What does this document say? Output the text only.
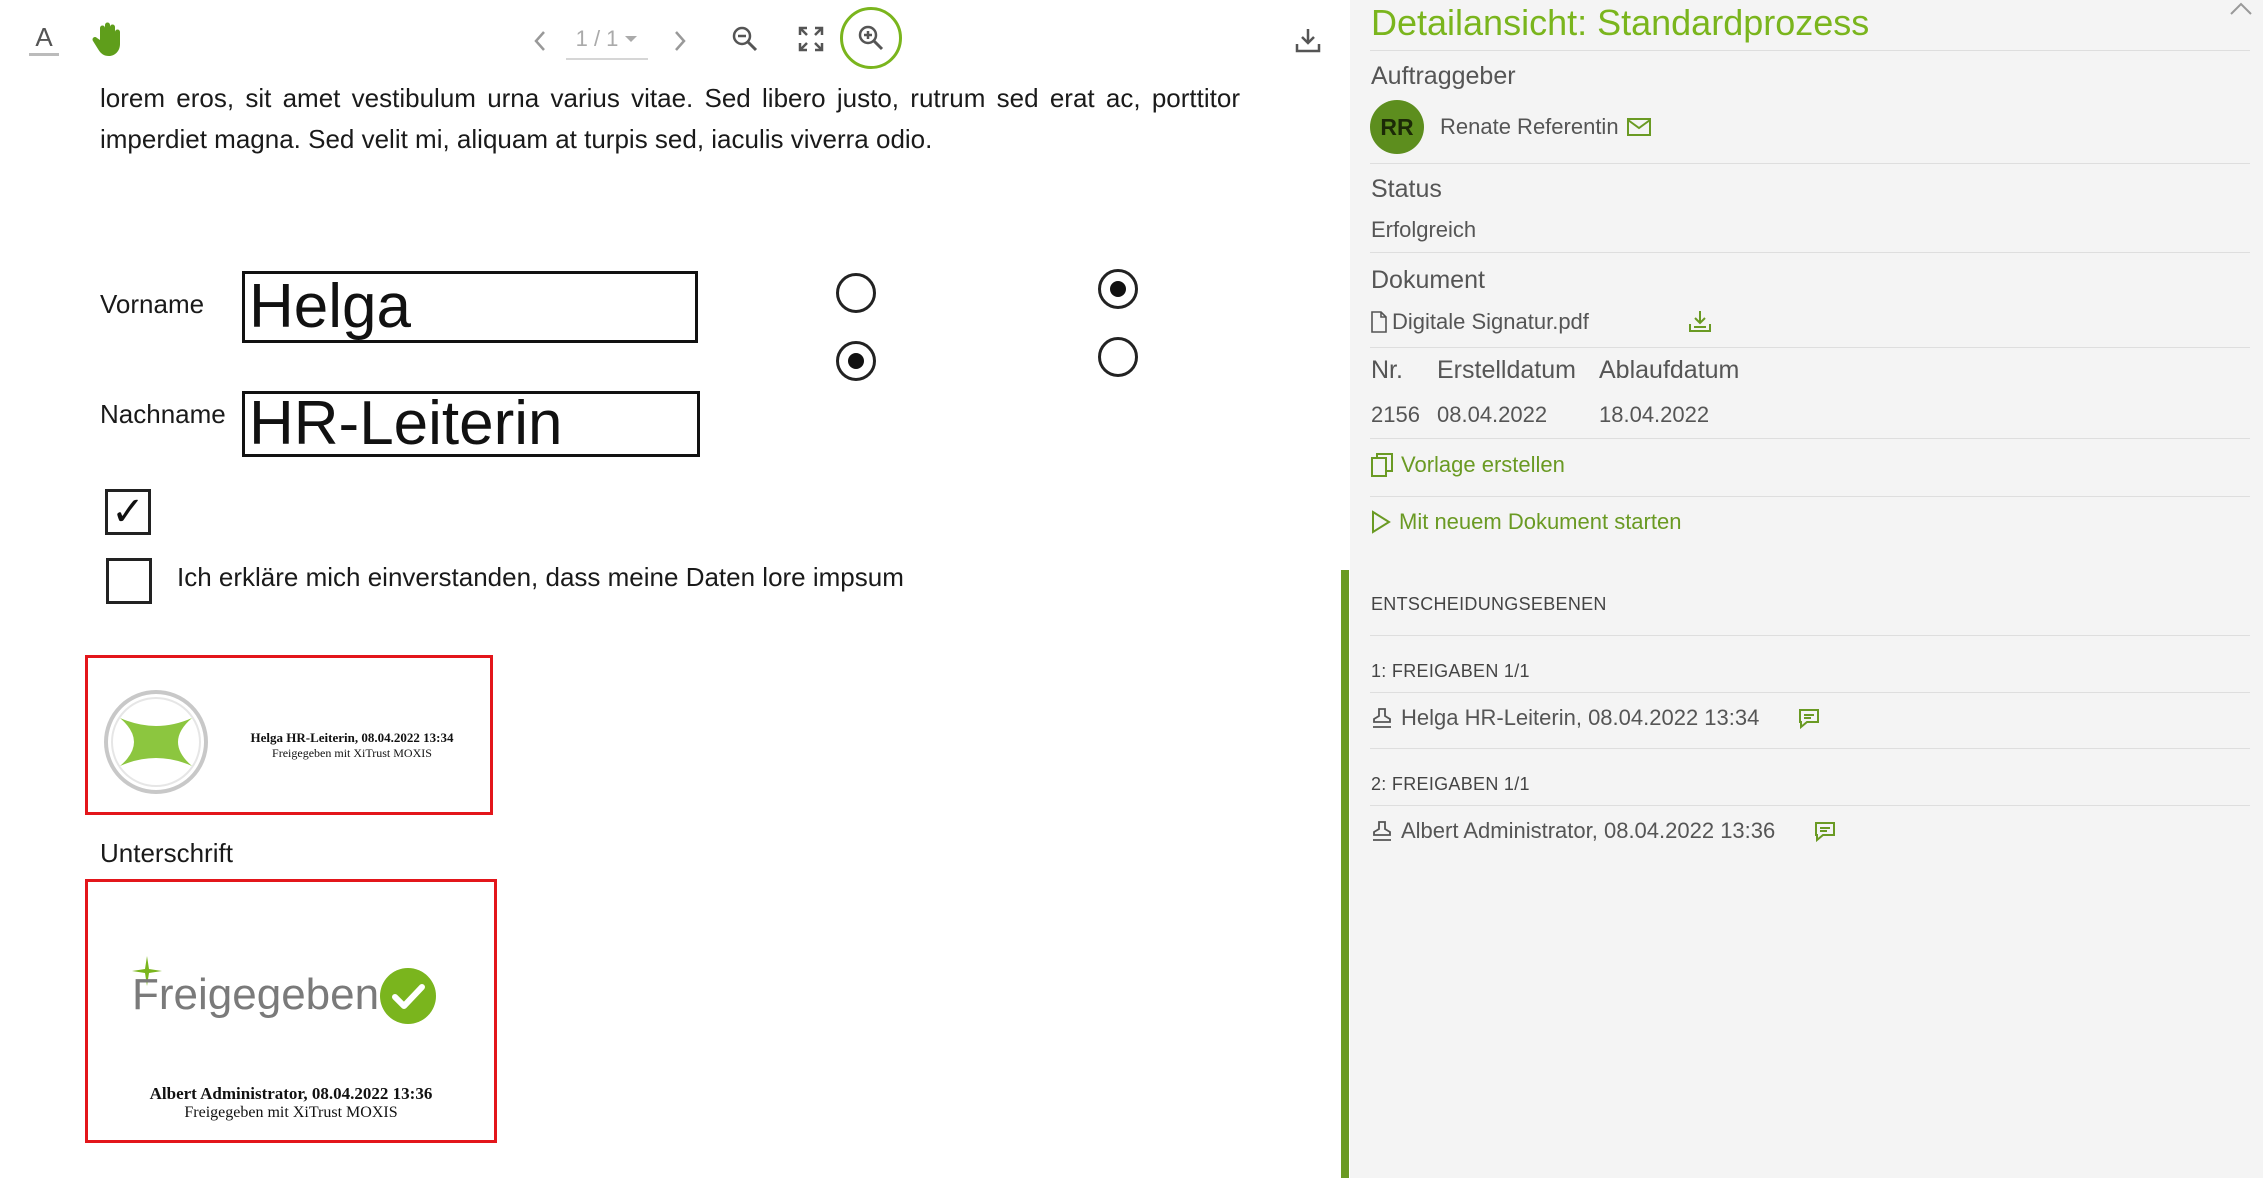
A	1 / 1
lorem eros, sit amet vestibulum urna varius vitae. Sed libero justo, rutrum sed erat ac, porttitor imperdiet magna. Sed velit mi, aliquam at turpis sed, iaculis viverra odio.
Vorname Helga
Nachname HR-Leiterin
✓
Ich erkläre mich einverstanden, dass meine Daten lore impsum
Helga HR-Leiterin, 08.04.2022 13:34
Freigegeben mit XiTrust MOXIS
Unterschrift
Freigegeben
Albert Administrator, 08.04.2022 13:36
Freigegeben mit XiTrust MOXIS
Detailansicht: Standardprozess
Auftraggeber
RR	Renate Referentin
Status
Erfolgreich
Dokument
Digitale Signatur.pdf
Nr. Erstelldatum Ablaufdatum
2156 08.04.2022 18.04.2022
Vorlage erstellen
Mit neuem Dokument starten
ENTSCHEIDUNGSEBENEN
1: FREIGABEN 1/1
Helga HR-Leiterin, 08.04.2022 13:34
2: FREIGABEN 1/1
Albert Administrator, 08.04.2022 13:36
